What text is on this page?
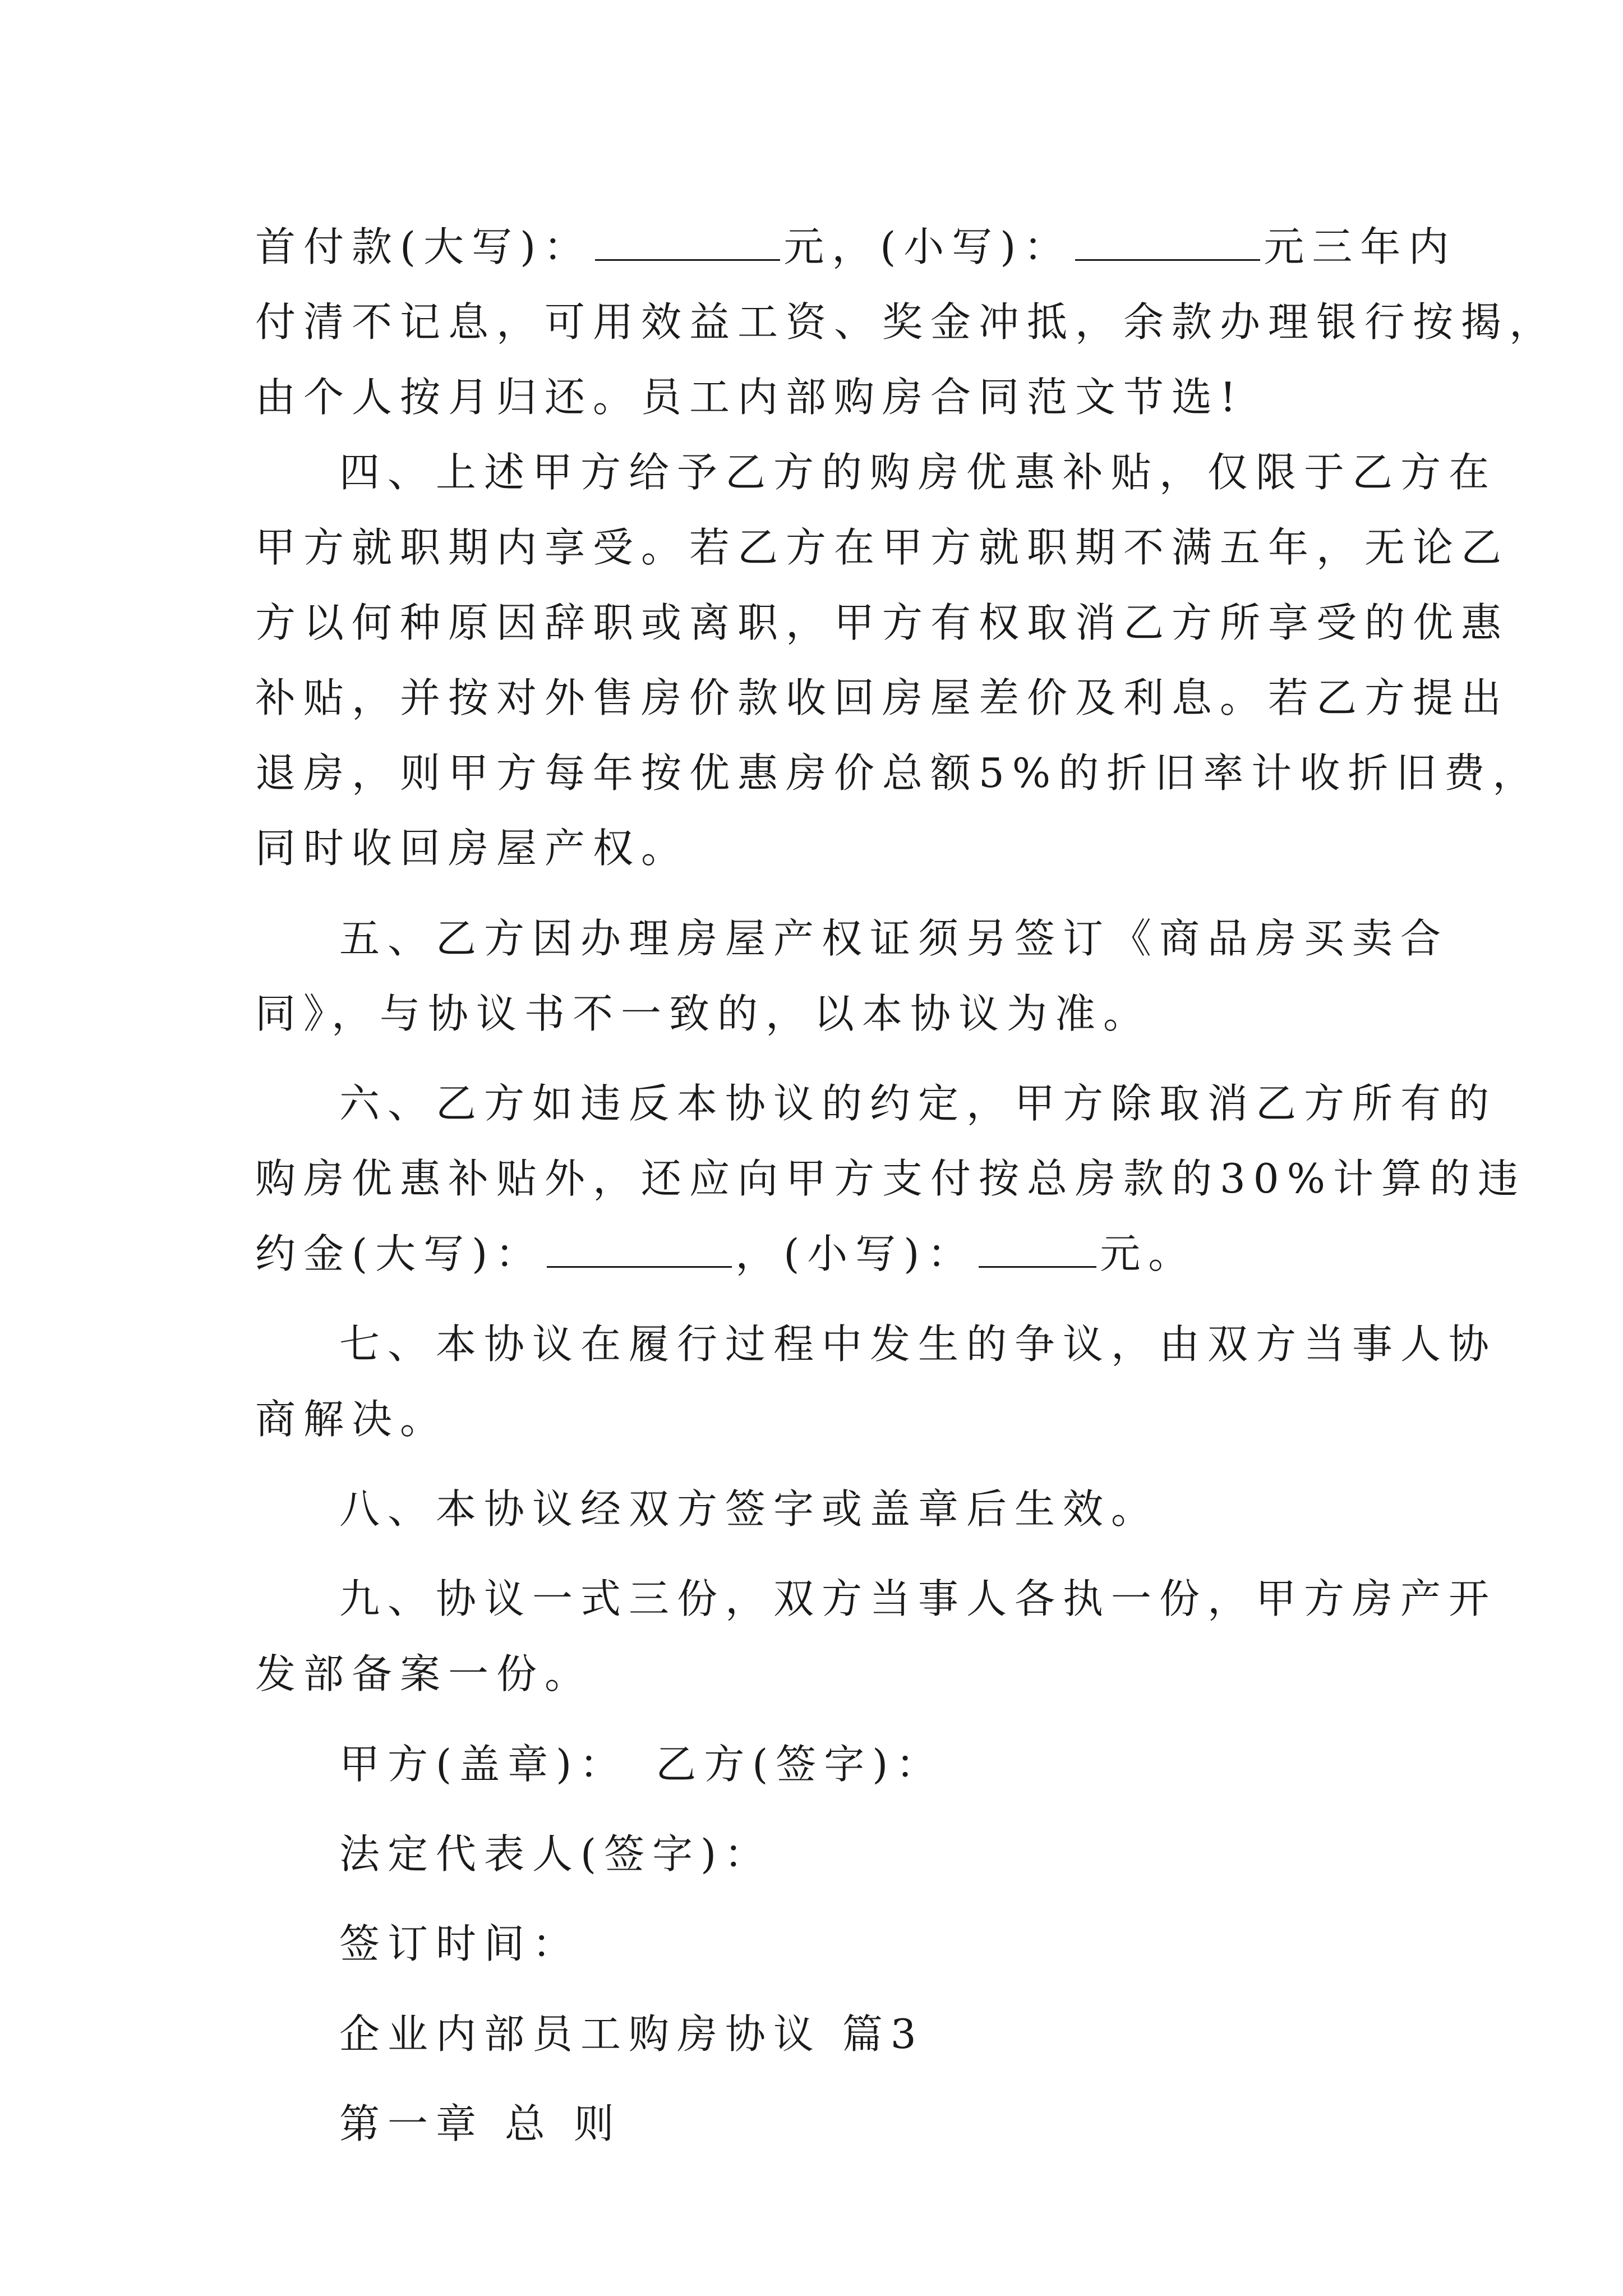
首付款(大写)：	元，(小写)：	元三年内
付清不记息，可用效益工资、奖金冲抵，余款办理银行按揭，
由个人按月归还。员工内部购房合同范文节选!
四、上述甲方给予乙方的购房优惠补贴，仅限于乙方在
甲方就职期内享受。若乙方在甲方就职期不满五年，无论乙
方以何种原因辞职或离职，甲方有权取消乙方所享受的优惠
补贴，并按对外售房价款收回房屋差价及利息。若乙方提出
退房，则甲方每年按优惠房价总额5%的折旧率计收折旧费，
同时收回房屋产权。
五、乙方因办理房屋产权证须另签订《商品房买卖合
同》，与协议书不一致的，以本协议为准。
六、乙方如违反本协议的约定，甲方除取消乙方所有的
购房优惠补贴外，还应向甲方支付按总房款的30%计算的违
约金(大写)：	，(小写)：	元。
七、本协议在履行过程中发生的争议，由双方当事人协
商解决。
八、本协议经双方签字或盖章后生效。
九、协议一式三份，双方当事人各执一份，甲方房产开
发部备案一份。
甲方(盖章)： 乙方(签字)：
法定代表人(签字)：
签订时间：
企业内部员工购房协议 篇3
第一章 总 则
